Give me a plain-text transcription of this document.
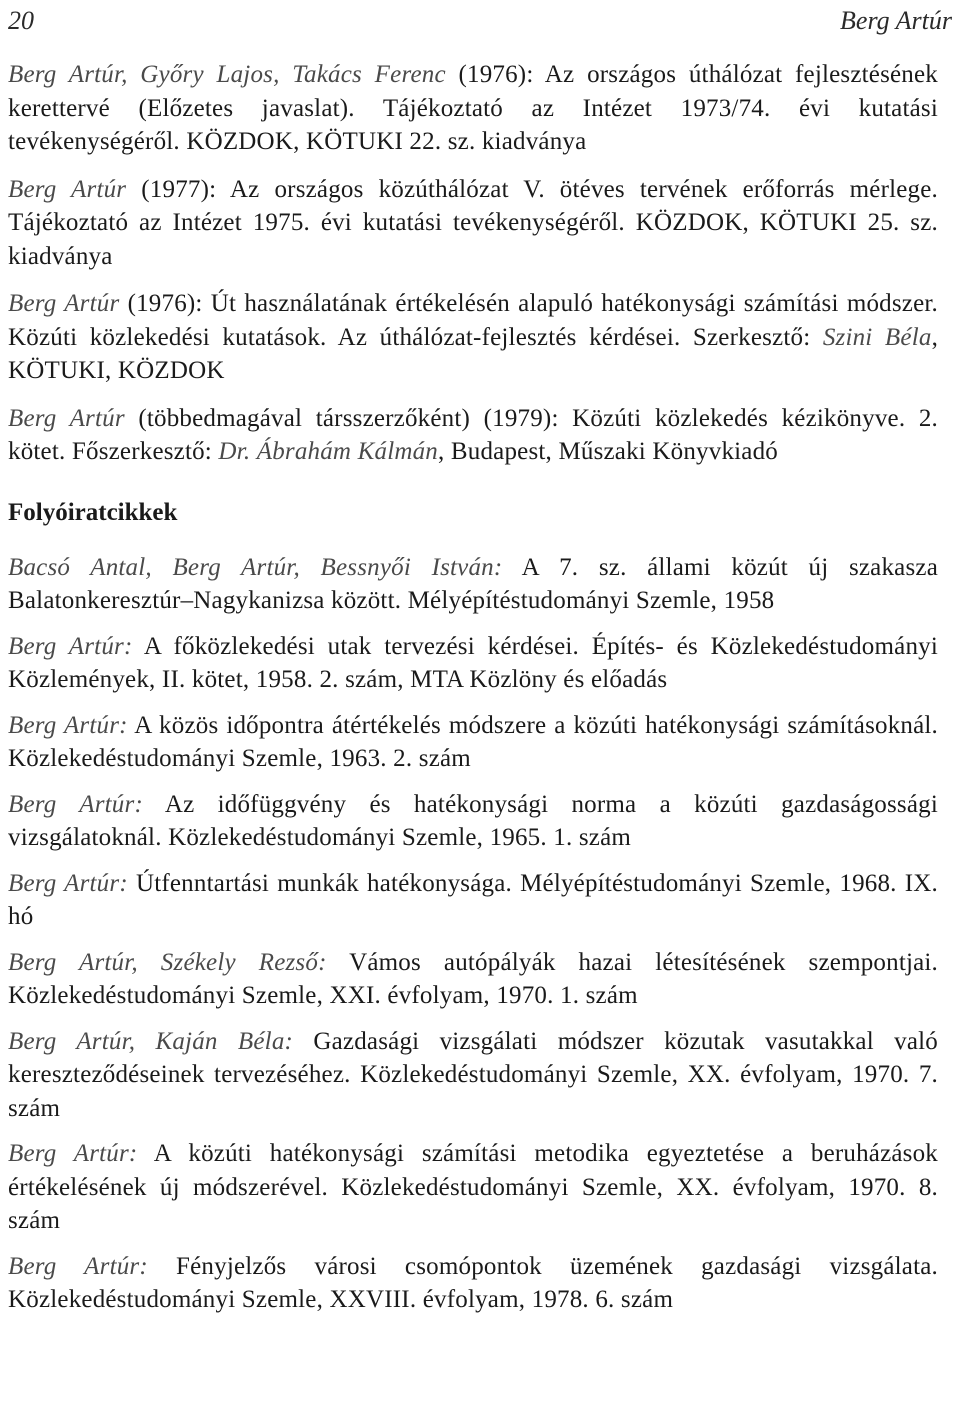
20	Berg Artúr
Berg Artúr, Győry Lajos, Takács Ferenc (1976): Az országos úthálózat fejlesztésének kerettervé (Előzetes javaslat). Tájékoztató az Intézet 1973/74. évi kutatási tevékenységéről. KÖZDOK, KÖTUKI 22. sz. kiadványa
Berg Artúr (1977): Az országos közúthálózat V. ötéves tervének erőforrás mérlege. Tájékoztató az Intézet 1975. évi kutatási tevékenységéről. KÖZDOK, KÖTUKI 25. sz. kiadványa
Berg Artúr (1976): Út használatának értékelésén alapuló hatékonysági számítási módszer. Közúti közlekedési kutatások. Az úthálózat-fejlesztés kérdései. Szerkesztő: Szini Béla, KÖTUKI, KÖZDOK
Berg Artúr (többedmagával társszerzőként) (1979): Közúti közlekedés kézikönyve. 2. kötet. Főszerkesztő: Dr. Ábrahám Kálmán, Budapest, Műszaki Könyvkiadó
Folyóiratcikkek
Bacsó Antal, Berg Artúr, Bessnyői István: A 7. sz. állami közút új szakasza Balatonkeresztúr–Nagykanizsa között. Mélyépítéstudományi Szemle, 1958
Berg Artúr: A főközlekedési utak tervezési kérdései. Építés- és Közlekedéstudományi Közlemények, II. kötet, 1958. 2. szám, MTA Közlöny és előadás
Berg Artúr: A közös időpontra átértékelés módszere a közúti hatékonysági számításoknál. Közlekedéstudományi Szemle, 1963. 2. szám
Berg Artúr: Az időfüggvény és hatékonysági norma a közúti gazdaságossági vizsgálatoknál. Közlekedéstudományi Szemle, 1965. 1. szám
Berg Artúr: Útfenntartási munkák hatékonysága. Mélyépítéstudományi Szemle, 1968. IX. hó
Berg Artúr, Székely Rezső: Vámos autópályák hazai létesítésének szempontjai. Közlekedéstudományi Szemle, XXI. évfolyam, 1970. 1. szám
Berg Artúr, Kaján Béla: Gazdasági vizsgálati módszer közutak vasutakkal való kereszteződéseinek tervezéséhez. Közlekedéstudományi Szemle, XX. évfolyam, 1970. 7. szám
Berg Artúr: A közúti hatékonysági számítási metodika egyeztetése a beruházások értékelésének új módszerével. Közlekedéstudományi Szemle, XX. évfolyam, 1970. 8. szám
Berg Artúr: Fényjelzős városi csomópontok üzemének gazdasági vizsgálata. Közlekedéstudományi Szemle, XXVIII. évfolyam, 1978. 6. szám
